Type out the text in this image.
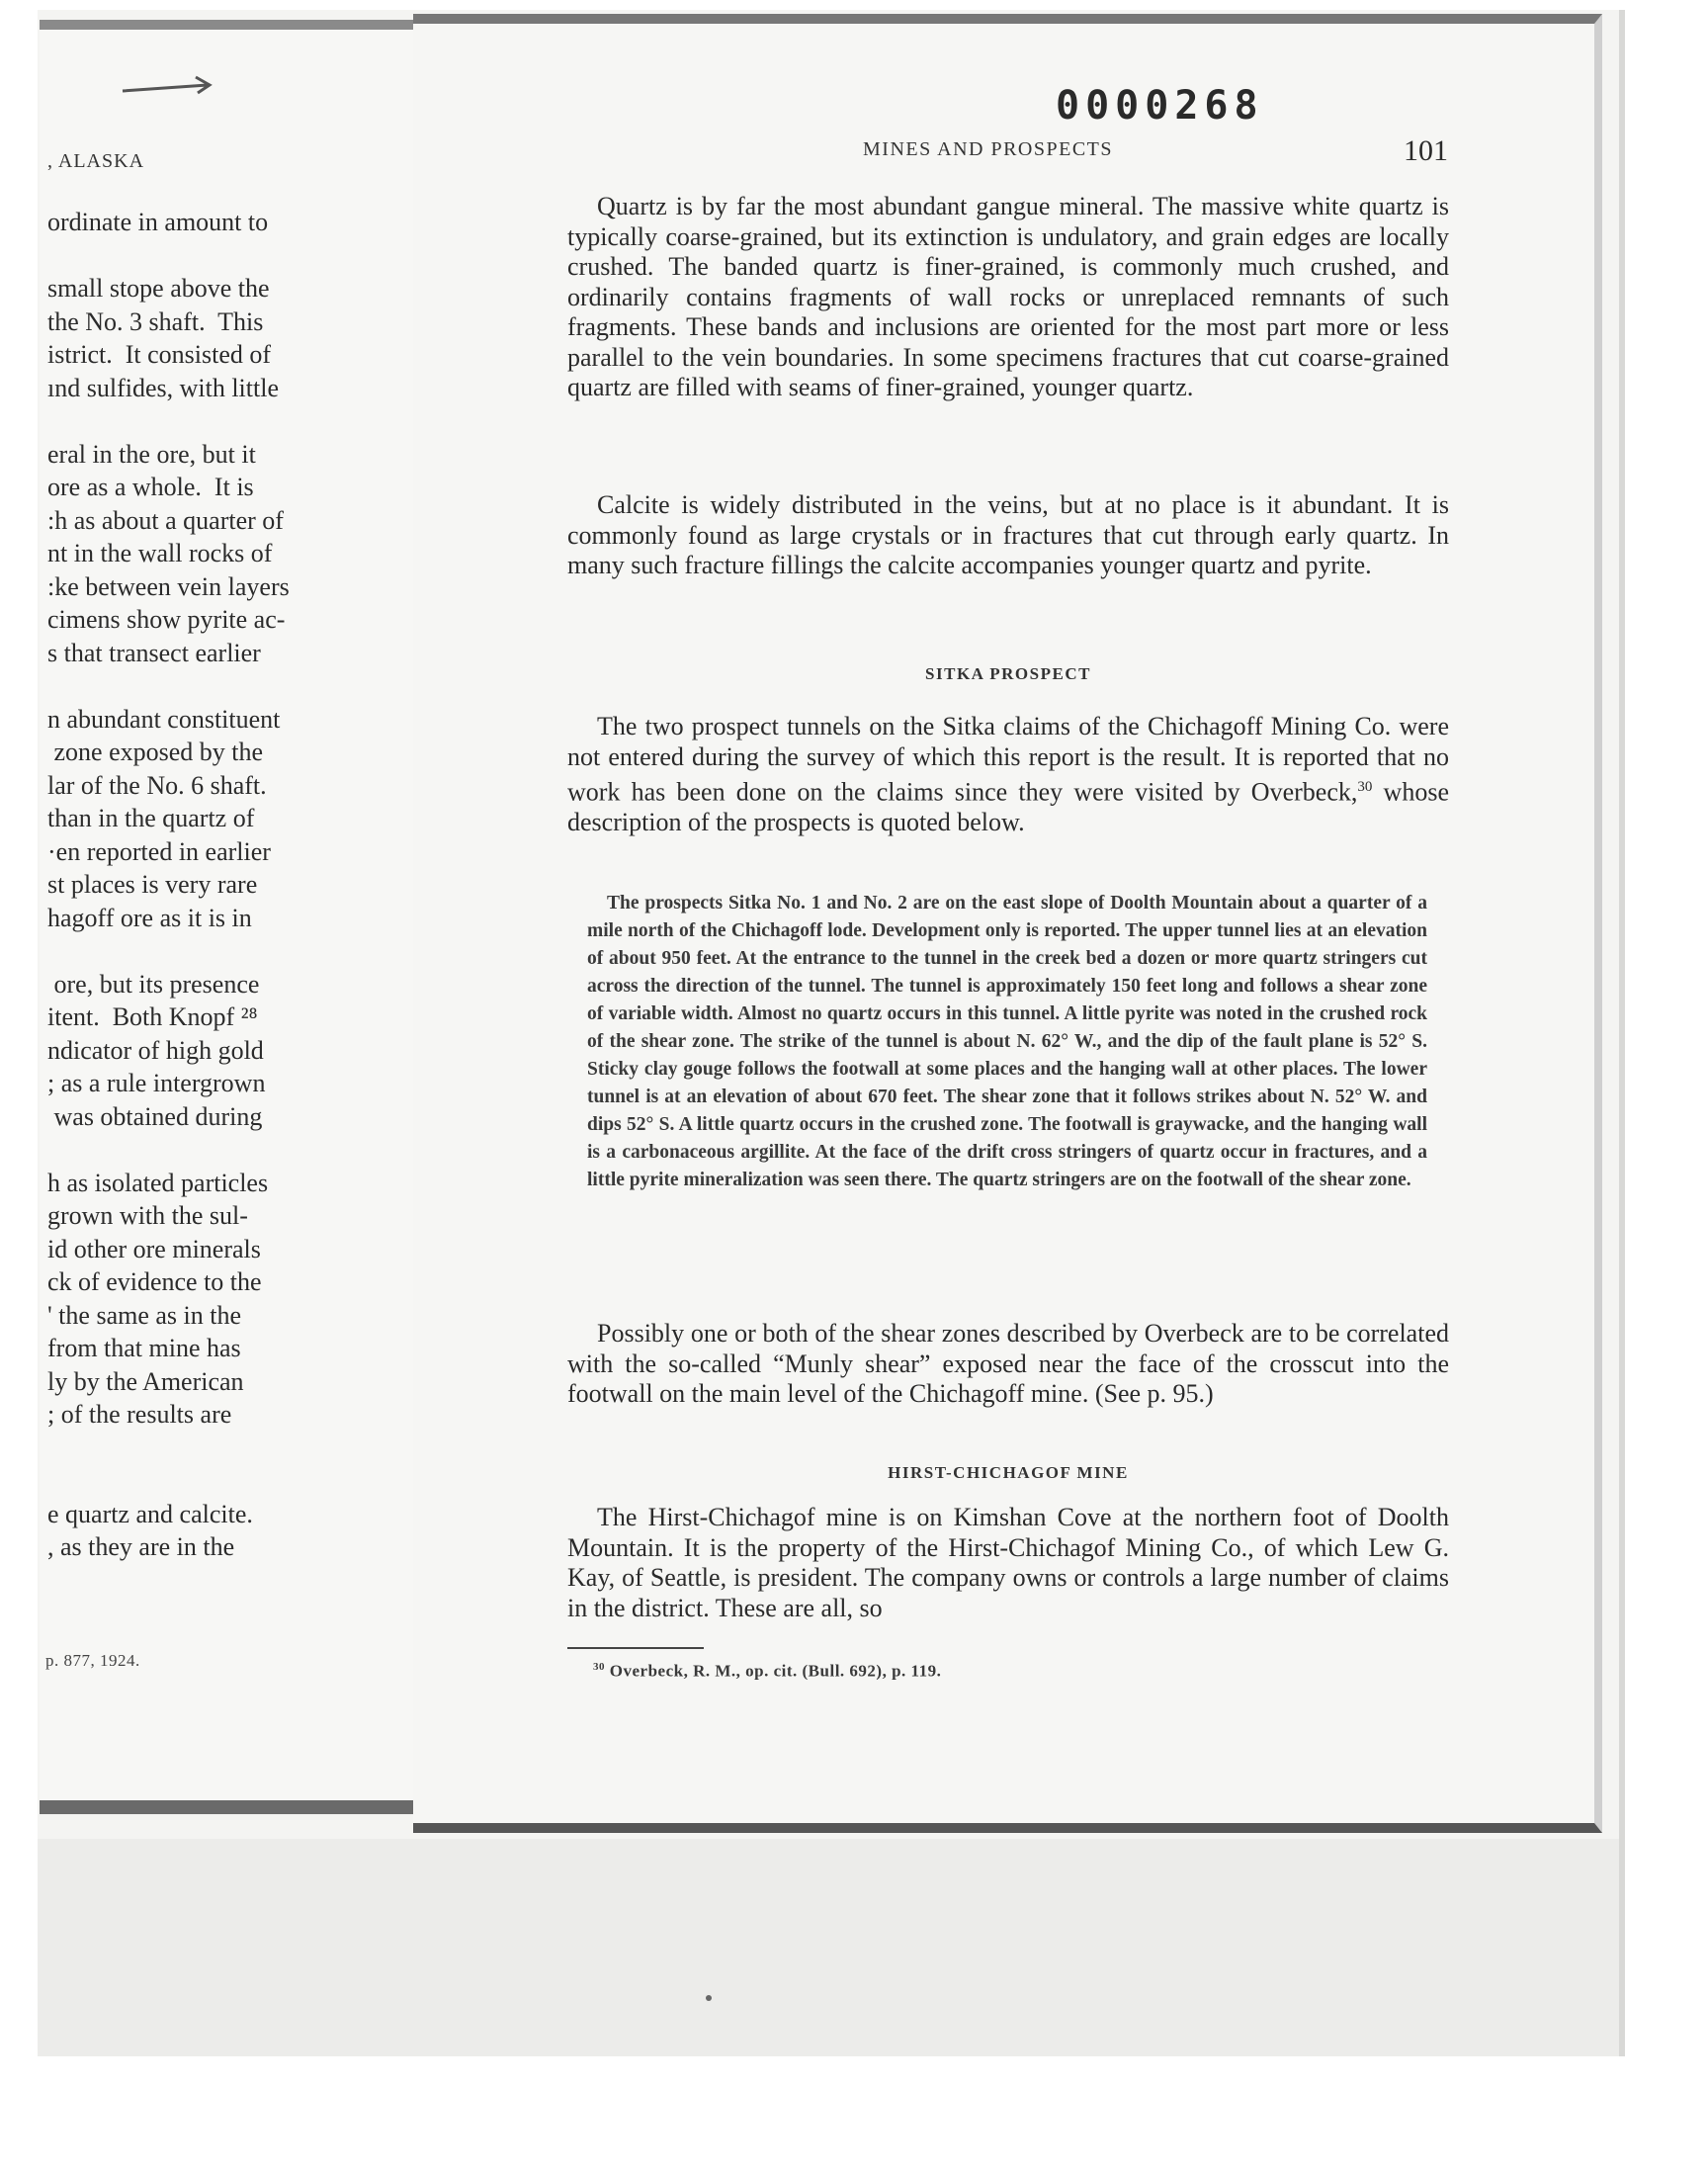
, ALASKA
ordinate in amount to

small stope above the
the No. 3 shaft.  This
istrict.  It consisted of
ınd sulfides, with little

eral in the ore, but it
ore as a whole.  It is
:h as about a quarter of
nt in the wall rocks of
:ke between vein layers
cimens show pyrite ac-
s that transect earlier

n abundant constituent
zone exposed by the
lar of the No. 6 shaft.
than in the quartz of
·en reported in earlier
st places is very rare
hagoff ore as it is in

ore, but its presence
itent.  Both Knopf ²⁸
ndicator of high gold
; as a rule intergrown
was obtained during

h as isolated particles
grown with the sul-
id other ore minerals
ck of evidence to the
' the same as in the
from that mine has
ly by the American
; of the results are

e quartz and calcite.
, as they are in the
p. 877, 1924.
0000268
MINES AND PROSPECTS	101

Quartz is by far the most abundant gangue mineral. The massive white quartz is typically coarse-grained, but its extinction is undulatory, and grain edges are locally crushed. The banded quartz is finer-grained, is commonly much crushed, and ordinarily contains fragments of wall rocks or unreplaced remnants of such fragments. These bands and inclusions are oriented for the most part more or less parallel to the vein boundaries. In some specimens fractures that cut coarse-grained quartz are filled with seams of finer-grained, younger quartz.

Calcite is widely distributed in the veins, but at no place is it abundant. It is commonly found as large crystals or in fractures that cut through early quartz. In many such fracture fillings the calcite accompanies younger quartz and pyrite.

SITKA PROSPECT

The two prospect tunnels on the Sitka claims of the Chichagoff Mining Co. were not entered during the survey of which this report is the result. It is reported that no work has been done on the claims since they were visited by Overbeck,$^{30}$ whose description of the prospects is quoted below.

The prospects Sitka No. 1 and No. 2 are on the east slope of Doolth Mountain about a quarter of a mile north of the Chichagoff lode. Development only is reported. The upper tunnel lies at an elevation of about 950 feet. At the entrance to the tunnel in the creek bed a dozen or more quartz stringers cut across the direction of the tunnel. The tunnel is approximately 150 feet long and follows a shear zone of variable width. Almost no quartz occurs in this tunnel. A little pyrite was noted in the crushed rock of the shear zone. The strike of the tunnel is about N. 62° W., and the dip of the fault plane is 52° S. Sticky clay gouge follows the footwall at some places and the hanging wall at other places. The lower tunnel is at an elevation of about 670 feet. The shear zone that it follows strikes about N. 52° W. and dips 52° S. A little quartz occurs in the crushed zone. The footwall is graywacke, and the hanging wall is a carbonaceous argillite. At the face of the drift cross stringers of quartz occur in fractures, and a little pyrite mineralization was seen there. The quartz stringers are on the footwall of the shear zone.

Possibly one or both of the shear zones described by Overbeck are to be correlated with the so-called “Munly shear” exposed near the face of the crosscut into the footwall on the main level of the Chichagoff mine. (See p. 95.)

HIRST-CHICHAGOF MINE

The Hirst-Chichagof mine is on Kimshan Cove at the northern foot of Doolth Mountain. It is the property of the Hirst-Chichagof Mining Co., of which Lew G. Kay, of Seattle, is president. The company owns or controls a large number of claims in the district. These are all, so

$^{30}$ Overbeck, R. M., op. cit. (Bull. 692), p. 119.
